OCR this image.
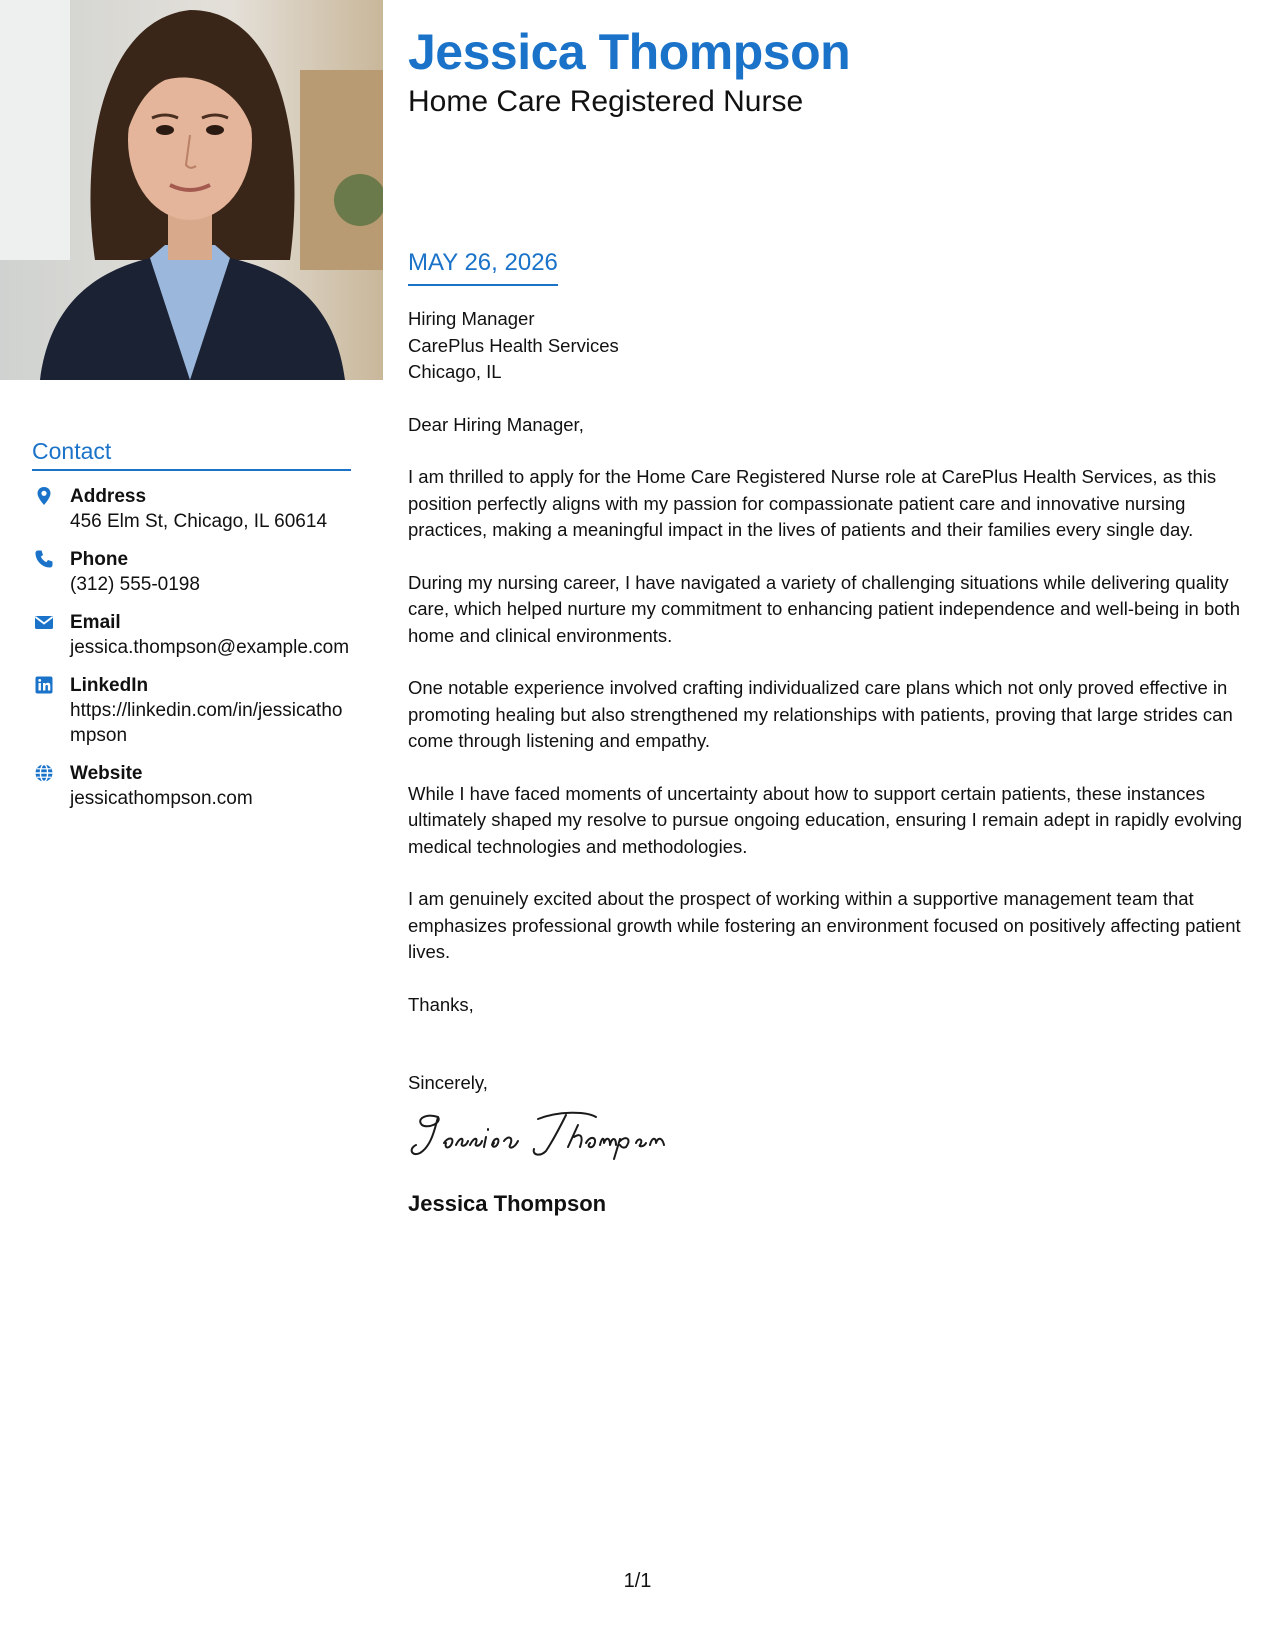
Contact
Address
456 Elm St, Chicago, IL 60614
Phone
(312) 555-0198
Email
jessica.thompson@example.com
LinkedIn
https://linkedin.com/in/jessicathompson
Website
jessicathompson.com
Jessica Thompson
Home Care Registered Nurse
MAY 26, 2026

Hiring Manager

CarePlus Health Services

Chicago, IL

Dear Hiring Manager,

I am thrilled to apply for the Home Care Registered Nurse role at CarePlus Health Services, as this position perfectly aligns with my passion for compassionate patient care and innovative nursing practices, making a meaningful impact in the lives of patients and their families every single day.

During my nursing career, I have navigated a variety of challenging situations while delivering quality care, which helped nurture my commitment to enhancing patient independence and well-being in both home and clinical environments.

One notable experience involved crafting individualized care plans which not only proved effective in promoting healing but also strengthened my relationships with patients, proving that large strides can come through listening and empathy.

While I have faced moments of uncertainty about how to support certain patients, these instances ultimately shaped my resolve to pursue ongoing education, ensuring I remain adept in rapidly evolving medical technologies and methodologies.

I am genuinely excited about the prospect of working within a supportive management team that emphasizes professional growth while fostering an environment focused on positively affecting patient lives.

Thanks,

Sincerely,

Jessica Thompson
1/1
